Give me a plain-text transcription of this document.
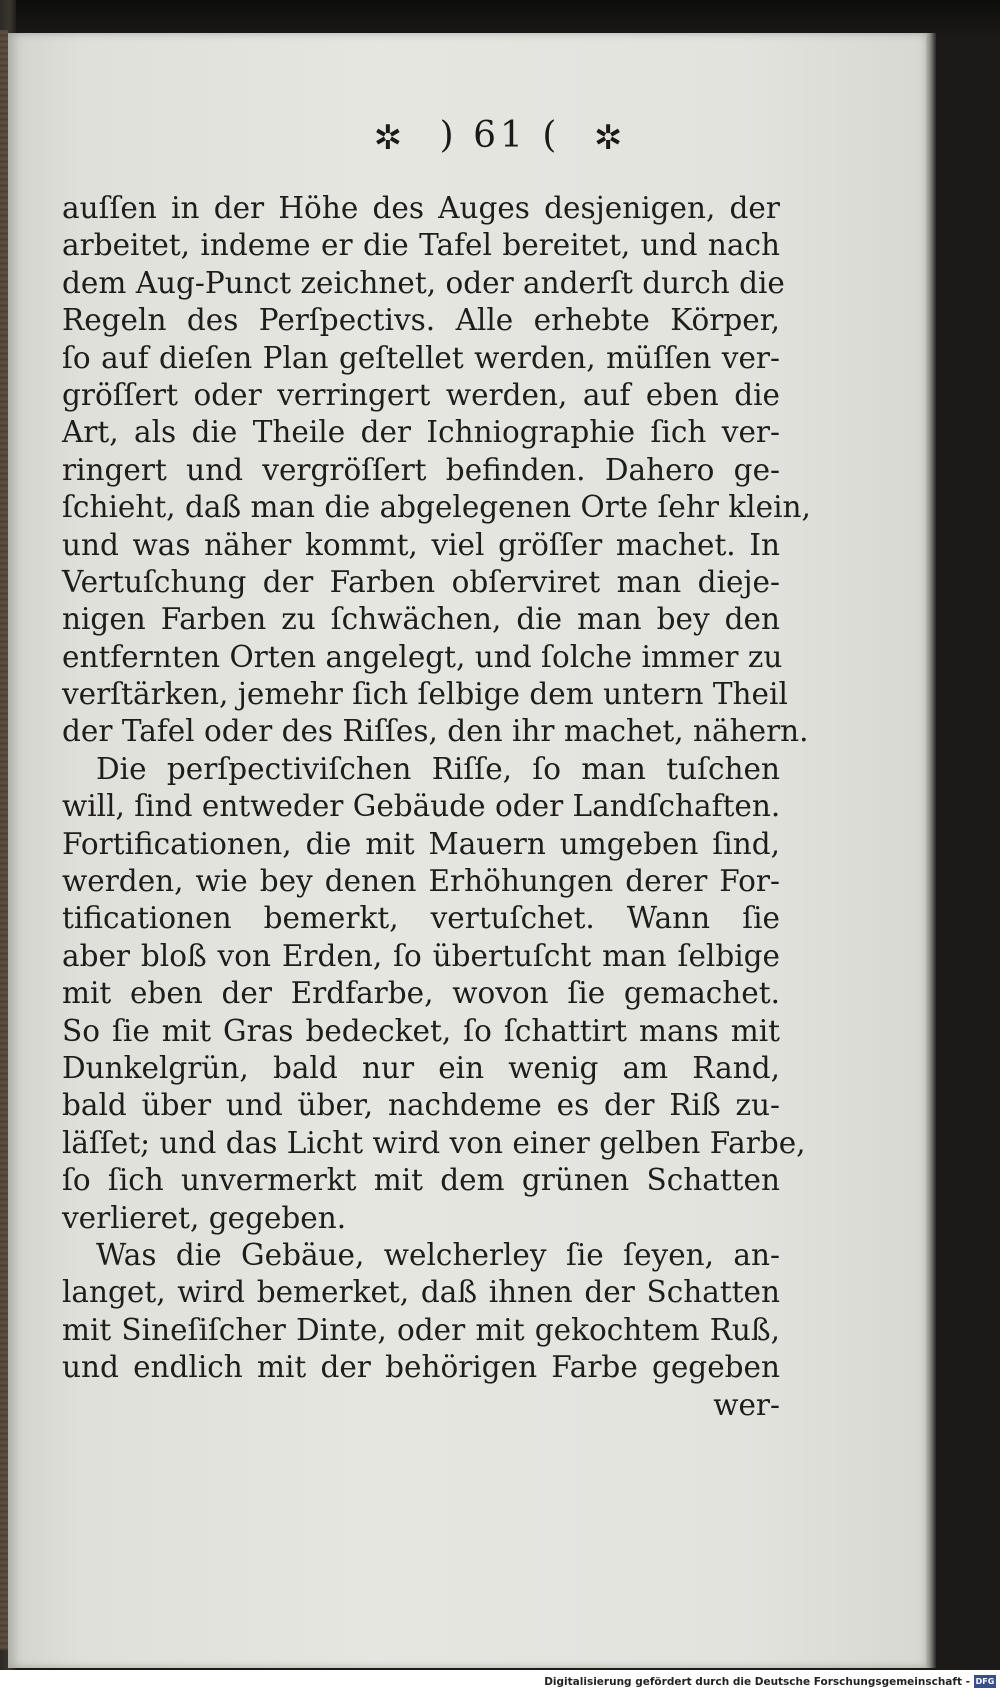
✲ ) 61 ( ✲
auſſen in der Höhe des Auges desjenigen, der
arbeitet, indeme er die Tafel bereitet, und nach
dem Aug-Punct zeichnet, oder anderſt durch die
Regeln des Perſpectivs. Alle erhebte Körper,
ſo auf dieſen Plan geſtellet werden, müſſen ver-
gröſſert oder verringert werden, auf eben die
Art, als die Theile der Ichniographie ſich ver-
ringert und vergröſſert befinden. Dahero ge-
ſchieht, daß man die abgelegenen Orte ſehr klein,
und was näher kommt, viel gröſſer machet. In
Vertuſchung der Farben obſerviret man dieje-
nigen Farben zu ſchwächen, die man bey den
entfernten Orten angelegt, und ſolche immer zu
verſtärken, jemehr ſich ſelbige dem untern Theil
der Tafel oder des Riſſes, den ihr machet, nähern.
Die perſpectiviſchen Riſſe, ſo man tuſchen
will, ſind entweder Gebäude oder Landſchaften.
Fortificationen, die mit Mauern umgeben ſind,
werden, wie bey denen Erhöhungen derer For-
tificationen bemerkt, vertuſchet. Wann ſie
aber bloß von Erden, ſo übertuſcht man ſelbige
mit eben der Erdfarbe, wovon ſie gemachet.
So ſie mit Gras bedecket, ſo ſchattirt mans mit
Dunkelgrün, bald nur ein wenig am Rand,
bald über und über, nachdeme es der Riß zu-
läſſet; und das Licht wird von einer gelben Farbe,
ſo ſich unvermerkt mit dem grünen Schatten
verlieret, gegeben.
Was die Gebäue, welcherley ſie ſeyen, an-
langet, wird bemerket, daß ihnen der Schatten
mit Sineſiſcher Dinte, oder mit gekochtem Ruß,
und endlich mit der behörigen Farbe gegeben
wer-
Digitalisierung gefördert durch die Deutsche Forschungsgemeinschaft - DFG
